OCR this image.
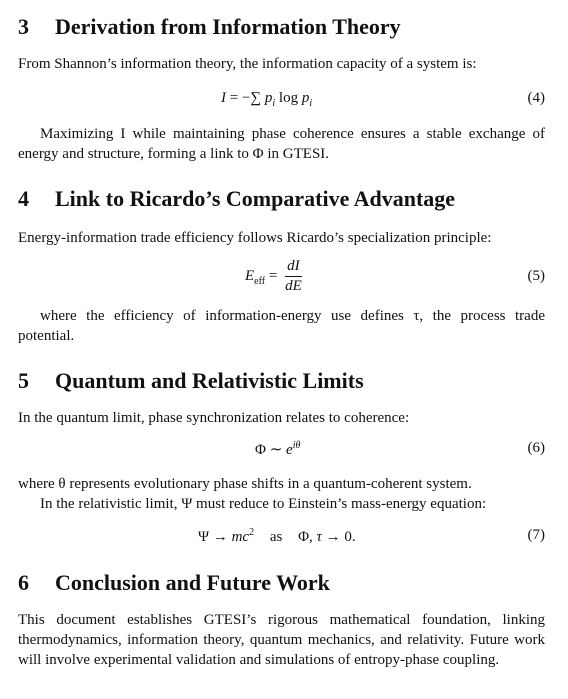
3 Derivation from Information Theory
From Shannon’s information theory, the information capacity of a system is:
I = −∑ $p_i$ $\log p_i$	(4)
Maximizing I while maintaining phase coherence ensures a stable exchange of energy and structure, forming a link to Φ in GTESI.
4 Link to Ricardo’s Comparative Advantage
Energy-information trade efficiency follows Ricardo’s specialization principle:
$E_{eff} = \frac{dI}{dE}$	(5)
where the efficiency of information-energy use defines τ, the process trade potential.
5 Quantum and Relativistic Limits
In the quantum limit, phase synchronization relates to coherence:
Φ ∼ $e^{i\theta}$	(6)
where θ represents evolutionary phase shifts in a quantum-coherent system.
In the relativistic limit, Ψ must reduce to Einstein’s mass-energy equation:
$\Psi \to mc^2$ as Φ, τ → 0.	(7)
6 Conclusion and Future Work
This document establishes GTESI’s rigorous mathematical foundation, linking thermodynamics, information theory, quantum mechanics, and relativity. Future work will involve experimental validation and simulations of entropy-phase coupling.
